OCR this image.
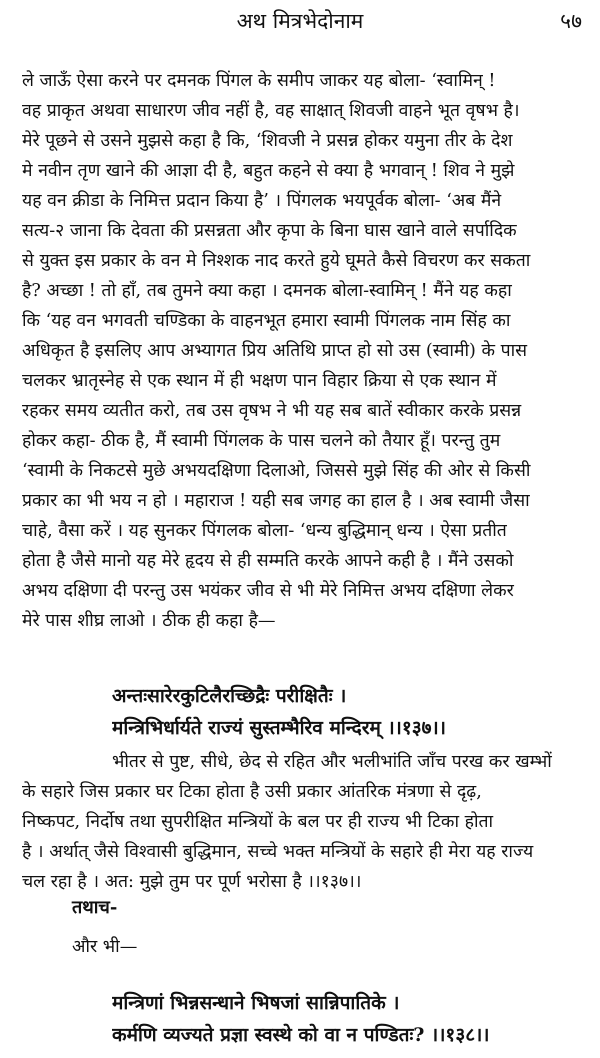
अथ मित्रभेदोनाम	५७
ले जाऊँ ऐसा करने पर दमनक पिंगल के समीप जाकर यह बोला- ‘स्वामिन् !
वह प्राकृत अथवा साधारण जीव नहीं है, वह साक्षात् शिवजी वाहने भूत वृषभ है।
मेरे पूछने से उसने मुझसे कहा है कि, ‘शिवजी ने प्रसन्न होकर यमुना तीर के देश
मे नवीन तृण खाने की आज्ञा दी है, बहुत कहने से क्या है भगवान् ! शिव ने मुझे
यह वन क्रीडा के निमित्त प्रदान किया है’ । पिंगलक भयपूर्वक बोला- ‘अब मैंने
सत्य-२ जाना कि देवता की प्रसन्नता और कृपा के बिना घास खाने वाले सर्पादिक
से युक्त इस प्रकार के वन मे निश्शक नाद करते हुये घूमते कैसे विचरण कर सकता
है? अच्छा ! तो हाँ, तब तुमने क्या कहा । दमनक बोला-स्वामिन् ! मैंने यह कहा
कि ‘यह वन भगवती चण्डिका के वाहनभूत हमारा स्वामी पिंगलक नाम सिंह का
अधिकृत है इसलिए आप अभ्यागत प्रिय अतिथि प्राप्त हो सो उस (स्वामी) के पास
चलकर भ्रातृस्नेह से एक स्थान में ही भक्षण पान विहार क्रिया से एक स्थान में
रहकर समय व्यतीत करो, तब उस वृषभ ने भी यह सब बातें स्वीकार करके प्रसन्न
होकर कहा- ठीक है, मैं स्वामी पिंगलक के पास चलने को तैयार हूँ। परन्तु तुम
‘स्वामी के निकटसे मुछे अभयदक्षिणा दिलाओ, जिससे मुझे सिंह की ओर से किसी
प्रकार का भी भय न हो । महाराज ! यही सब जगह का हाल है । अब स्वामी जैसा
चाहे, वैसा करें । यह सुनकर पिंगलक बोला- ‘धन्य बुद्धिमान् धन्य । ऐसा प्रतीत
होता है जैसे मानो यह मेरे हृदय से ही सम्मति करके आपने कही है । मैंने उसको
अभय दक्षिणा दी परन्तु उस भयंकर जीव से भी मेरे निमित्त अभय दक्षिणा लेकर
मेरे पास शीघ्र लाओ । ठीक ही कहा है—
अन्तःसारेरकुटिलैरच्छिद्रैः परीक्षितैः ।
मन्त्रिभिर्धार्यते राज्यं सुस्तम्भैरिव मन्दिरम् ।।१३७।।
भीतर से पुष्ट, सीधे, छेद से रहित और भलीभांति जाँच परख कर खम्भों
के सहारे जिस प्रकार घर टिका होता है उसी प्रकार आंतरिक मंत्रणा से दृढ़,
निष्कपट, निर्दोष तथा सुपरीक्षित मन्त्रियों के बल पर ही राज्य भी टिका होता
है । अर्थात् जैसे विश्वासी बुद्धिमान, सच्चे भक्त मन्त्रियों के सहारे ही मेरा यह राज्य
चल रहा है । अत: मुझे तुम पर पूर्ण भरोसा है ।।१३७।।
तथाच-
और भी—
मन्त्रिणां भिन्नसन्धाने भिषजां सान्निपातिके ।
कर्मणि व्यज्यते प्रज्ञा स्वस्थे को वा न पण्डितः? ।।१३८।।
